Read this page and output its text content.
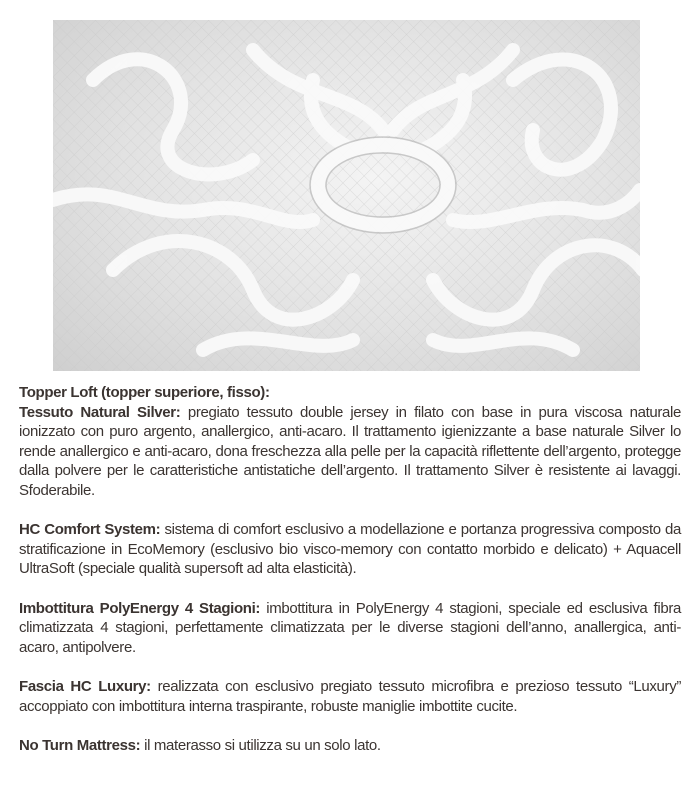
Topper Loft (topper superiore, fisso):
Tessuto Natural Silver: pregiato tessuto double jersey in filato con base in pura viscosa naturale ionizzato con puro argento, anallergico, anti-acaro. Il trattamento igienizzante a base naturale Silver lo rende anallergico e anti-acaro, dona freschezza alla pelle per la capacità riflettente dell’argento, protegge dalla polvere per le caratteristiche antistatiche dell’argento. Il trattamento Silver è resistente ai lavaggi. Sfoderabile.

HC Comfort System: sistema di comfort esclusivo a modellazione e portanza progressiva composto da stratificazione in EcoMemory (esclusivo bio visco-memory con contatto morbido e delicato) + Aquacell UltraSoft (speciale qualità supersoft ad alta elasticità).

Imbottitura PolyEnergy 4 Stagioni: imbottitura in PolyEnergy 4 stagioni, speciale ed esclusiva fibra climatizzata 4 stagioni, perfettamente climatizzata per le diverse stagioni dell’anno, anallergica, anti-acaro, antipolvere.

Fascia HC Luxury: realizzata con esclusivo pregiato tessuto microfibra e prezioso tessuto “Luxury” accoppiato con imbottitura interna traspirante, robuste maniglie imbottite cucite.

No Turn Mattress: il materasso si utilizza su un solo lato.
